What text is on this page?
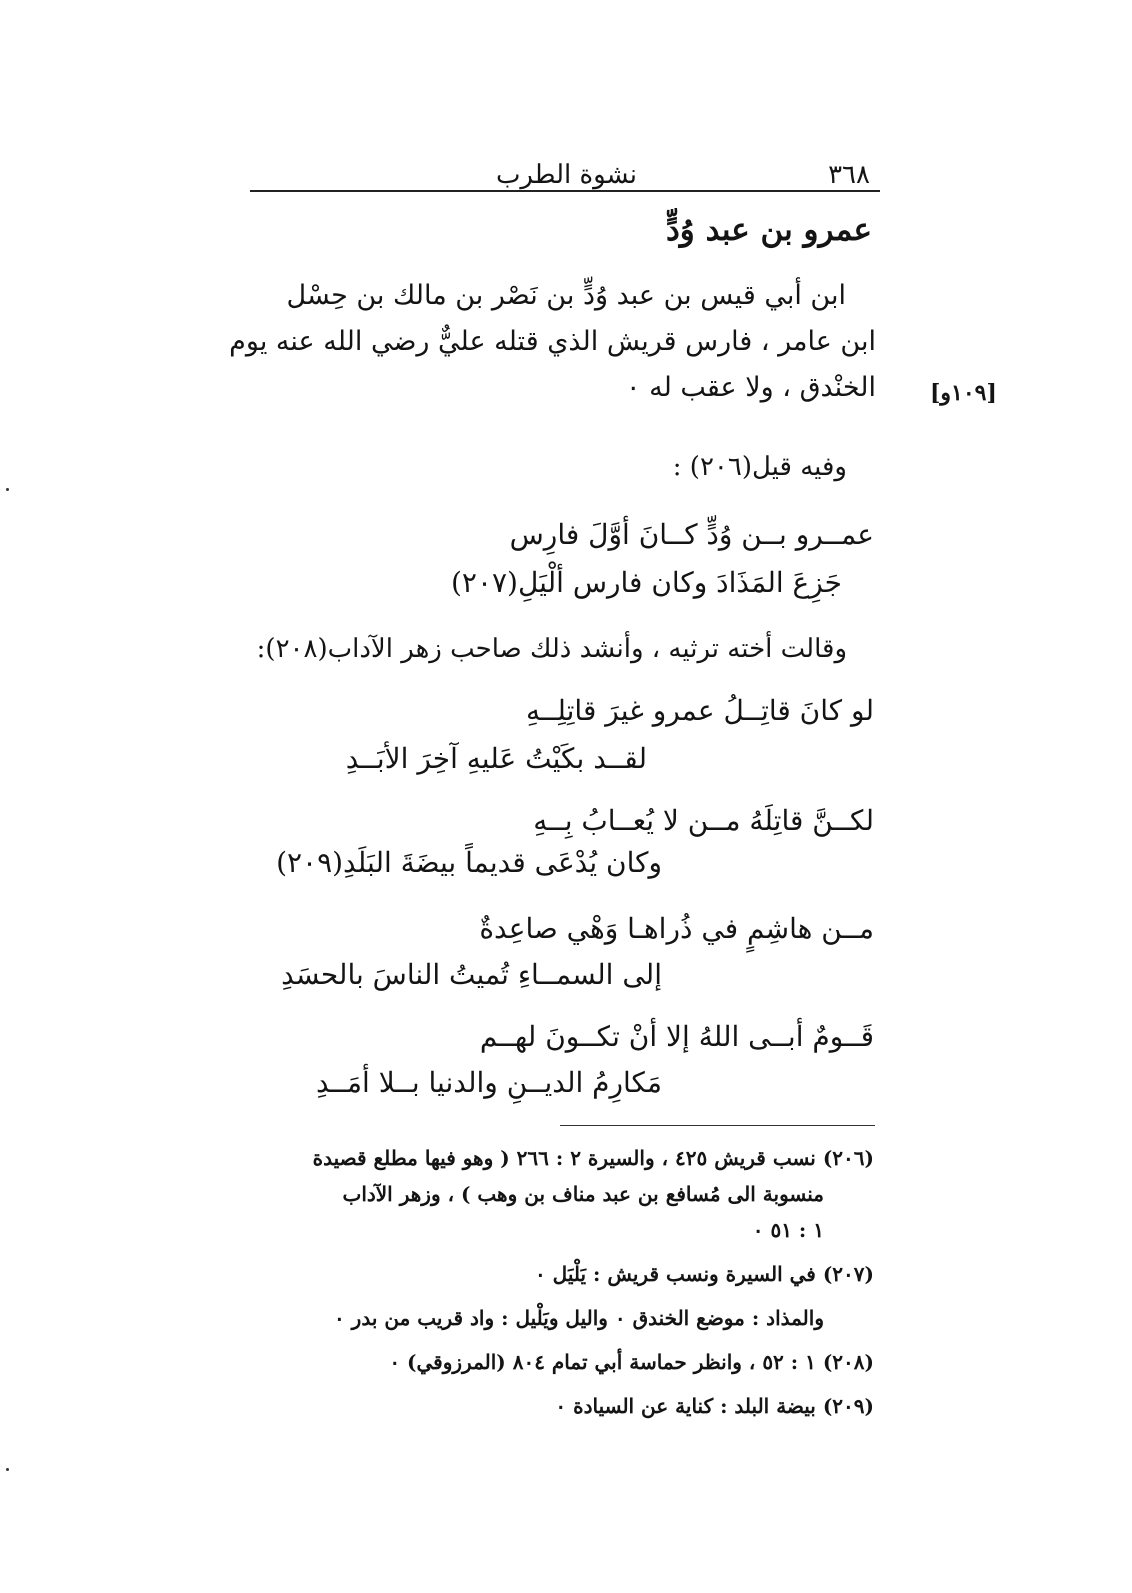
٣٦٨
نشوة الطرب
عمرو بن عبد وُدٍّ
ابن أبي قيس بن عبد وُدٍّ بن نَصْر بن مالك بن حِسْل
ابن عامر ، فارس قريش الذي قتله عليٌّ رضي الله عنه يوم
الخنْدق ، ولا عقب له ٠ [١٠٩و]
وفيه قيل(٢٠٦) :
عمــرو بــن وُدٍّ كــانَ أوَّلَ فارِس
جَزِعَ المَذَادَ وكان فارس ألْيَلِ(٢٠٧)
وقالت أخته ترثيه ، وأنشد ذلك صاحب زهر الآداب(٢٠٨):
لو كانَ قاتِــلُ عمرو غيرَ قاتِلِــهِ
لقــد بكَيْتُ عَليهِ آخِرَ الأبَــدِ
لكــنَّ قاتِلَهُ مــن لا يُعــابُ بِــهِ
وكان يُدْعَى قديماً بيضَةَ البَلَدِ(٢٠٩)
مــن هاشِمٍ في ذُراهـا وَهْي صاعِدةٌ
إلى السمــاءِ تُميتُ الناسَ بالحسَدِ
قَــومٌ أبــى اللهُ إلا أنْ تكــونَ لهــم
مَكارِمُ الديــنِ والدنيا بــلا أمَــدِ
(٢٠٦) نسب قريش ٤٢٥ ، والسيرة ٢ : ٢٦٦ ( وهو فيها مطلع قصيدة
منسوبة الى مُسافع بن عبد مناف بن وهب ) ، وزهر الآداب
١ : ٥١ ٠
(٢٠٧) في السيرة ونسب قريش : يَلْيَل ٠
والمذاد : موضع الخندق ٠ واليل ويَلْيل : واد قريب من بدر ٠
(٢٠٨) ١ : ٥٢ ، وانظر حماسة أبي تمام ٨٠٤ (المرزوقي) ٠
(٢٠٩) بيضة البلد : كناية عن السيادة ٠
